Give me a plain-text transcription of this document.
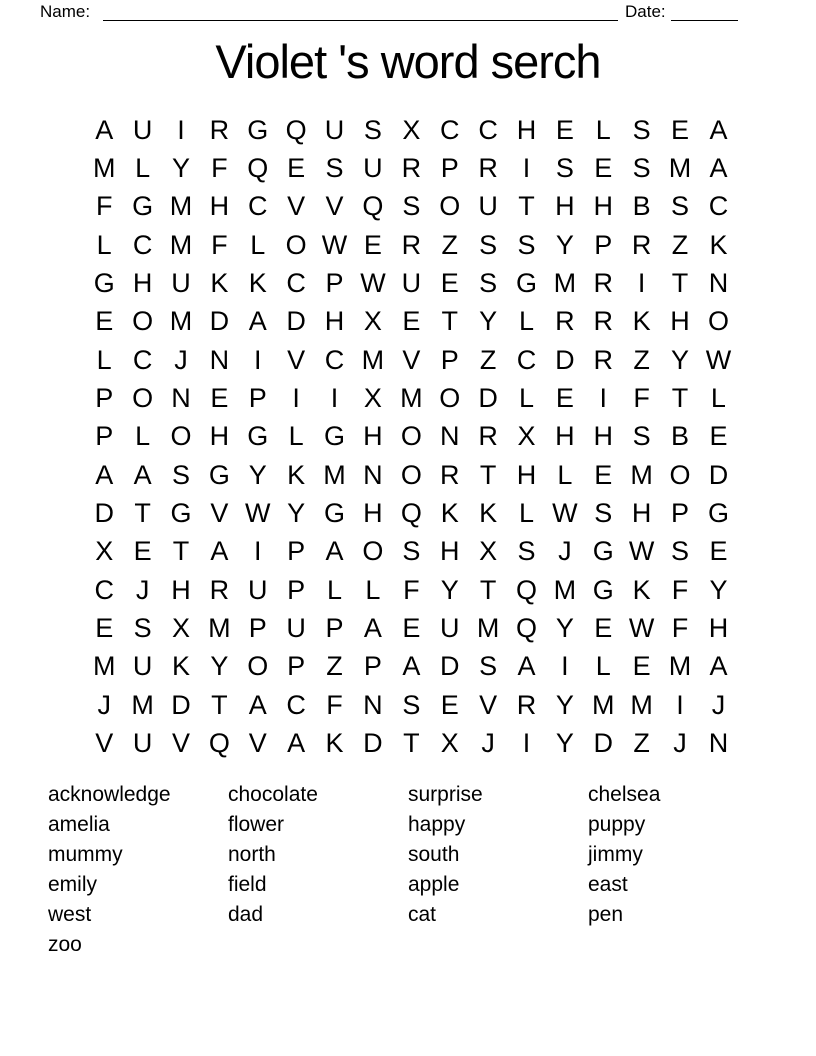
Name:	Date:
Violet 's word serch
A U I R G Q U S X C C H E L S E A
M L Y F Q E S U R P R I S E S M A
F G M H C V V Q S O U T H H B S C
L C M F L O W E R Z S S Y P R Z K
G H U K K C P W U E S G M R I T N
E O M D A D H X E T Y L R R K H O
L C J N I V C M V P Z C D R Z Y W
P O N E P I	I X M O D L E I F T L
P L O H G L G H O N R X H H S B E
A A S G Y K M N O R T H L E M O D
D T G V W Y G H Q K K L W S H P G
X E T A I P A O S H X S J G W S E
C J H R U P L L F Y T Q M G K F Y
E S X M P U P A E U M Q Y E W F H
M U K Y O P Z P A D S A I	L E M A
J M D T A C F N S E V R Y M M I	J
V U V Q V A K D T X J	I Y D Z J N
acknowledge
amelia
mummy
emily
west
zoo
chocolate
flower
north
field
dad
surprise
happy
south
apple
cat
chelsea
puppy
jimmy
east
pen
